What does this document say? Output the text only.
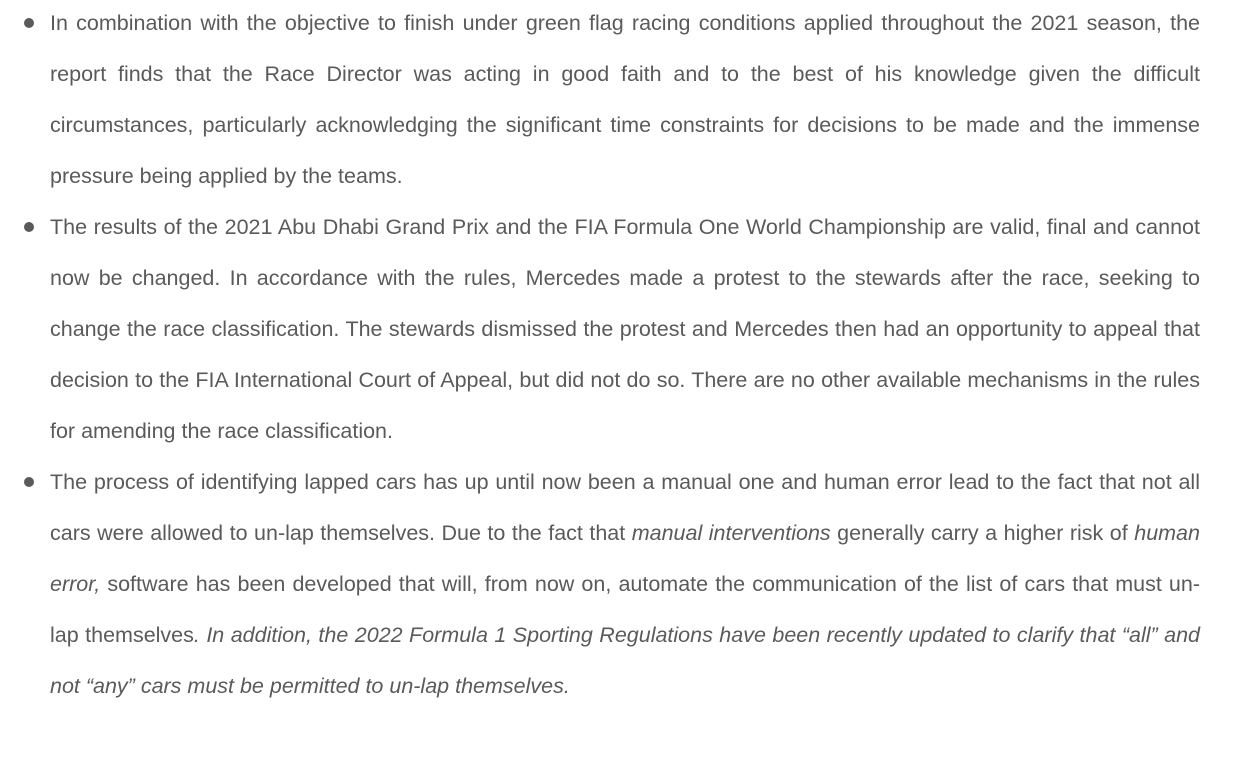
In combination with the objective to finish under green flag racing conditions applied throughout the 2021 season, the report finds that the Race Director was acting in good faith and to the best of his knowledge given the difficult circumstances, particularly acknowledging the significant time constraints for decisions to be made and the immense pressure being applied by the teams.
The results of the 2021 Abu Dhabi Grand Prix and the FIA Formula One World Championship are valid, final and cannot now be changed. In accordance with the rules, Mercedes made a protest to the stewards after the race, seeking to change the race classification. The stewards dismissed the protest and Mercedes then had an opportunity to appeal that decision to the FIA International Court of Appeal, but did not do so. There are no other available mechanisms in the rules for amending the race classification.
The process of identifying lapped cars has up until now been a manual one and human error lead to the fact that not all cars were allowed to un-lap themselves. Due to the fact that manual interventions generally carry a higher risk of human error, software has been developed that will, from now on, automate the communication of the list of cars that must un-lap themselves. In addition, the 2022 Formula 1 Sporting Regulations have been recently updated to clarify that “all” and not “any” cars must be permitted to un-lap themselves.
